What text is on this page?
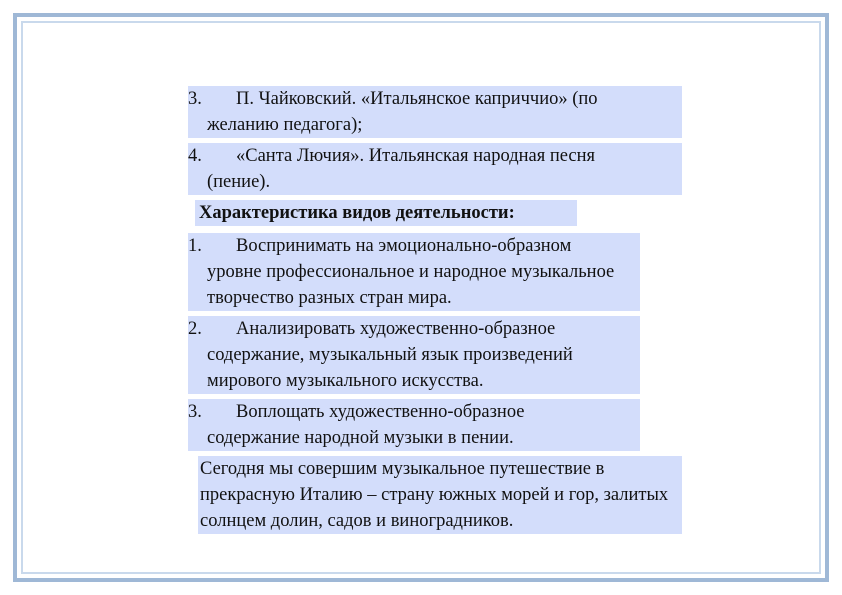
3.	П. Чайковский. «Итальянское каприччио» (по
желанию педагога);
4.	«Санта Лючия». Итальянская народная песня
(пение).
Характеристика видов деятельности:
1.	Воспринимать на эмоционально-образном
уровне профессиональное и народное музыкальное творчество разных стран мира.
2.	Анализировать художественно-образное
содержание, музыкальный язык произведений мирового музыкального искусства.
3.	Воплощать художественно-образное
содержание народной музыки в пении.
Сегодня мы совершим музыкальное путешествие в прекрасную Италию – страну южных морей и гор, залитых солнцем долин, садов и виноградников.
